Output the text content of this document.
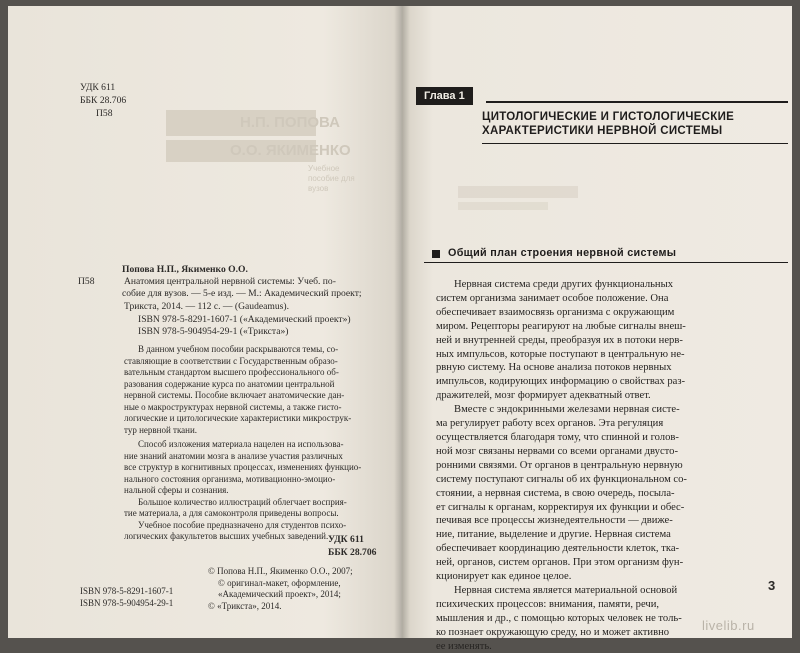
Н.П. ПОПОВА
О.О. ЯКИМЕНКО
Учебное пособие для вузов
УДК 611
ББК 28.706
П58
Попова Н.П., Якименко О.О.
П58	Анатомия центральной нервной системы: Учеб. по-
собие для вузов. — 5-е изд. — М.: Академический проект;
Трикста, 2014. — 112 с. — (Gaudeamus).
ISBN 978-5-8291-1607-1 («Академический проект»)
ISBN 978-5-904954-29-1 («Трикста»)
В данном учебном пособии раскрываются темы, со-
ставляющие в соответствии с Государственным образо-
вательным стандартом высшего профессионального об-
разования содержание курса по анатомии центральной
нервной системы. Пособие включает анатомические дан-
ные о макроструктурах нервной системы, а также гисто-
логические и цитологические характеристики микрострук-
тур нервной ткани.
Способ изложения материала нацелен на использова-
ние знаний анатомии мозга в анализе участия различных
все структур в когнитивных процессах, изменениях функцио-
нального состояния организма, мотивационно-эмоцио-
нальной сферы и сознания.
Большое количество иллюстраций облегчает восприя-
тие материала, а для самоконтроля приведены вопросы.
Учебное пособие предназначено для студентов психо-
логических факультетов высших учебных заведений. УДК 611
ББК 28.706
ISBN 978-5-8291-1607-1
ISBN 978-5-904954-29-1
© Попова Н.П., Якименко О.О., 2007;
© оригинал-макет, оформление,
«Академический проект», 2014;
© «Трикста», 2014.
Глава 1
ЦИТОЛОГИЧЕСКИЕ И ГИСТОЛОГИЧЕСКИЕ
ХАРАКТЕРИСТИКИ НЕРВНОЙ СИСТЕМЫ
Общий план строения нервной системы
Нервная система среди других функциональных
систем организма занимает особое положение. Она
обеспечивает взаимосвязь организма с окружающим
миром. Рецепторы реагируют на любые сигналы внеш-
ней и внутренней среды, преобразуя их в потоки нерв-
ных импульсов, которые поступают в центральную не-
рвную систему. На основе анализа потоков нервных
импульсов, кодирующих информацию о свойствах раз-
дражителей, мозг формирует адекватный ответ.
Вместе с эндокринными железами нервная систе-
ма регулирует работу всех органов. Эта регуляция
осуществляется благодаря тому, что спинной и голов-
ной мозг связаны нервами со всеми органами двусто-
ронними связями. От органов в центральную нервную
систему поступают сигналы об их функциональном со-
стоянии, а нервная система, в свою очередь, посыла-
ет сигналы к органам, корректируя их функции и обес-
печивая все процессы жизнедеятельности — движе-
ние, питание, выделение и другие. Нервная система
обеспечивает координацию деятельности клеток, тка-
ней, органов, систем органов. При этом организм фун-
кционирует как единое целое.
Нервная система является материальной основой
психических процессов: внимания, памяти, речи,
мышления и др., с помощью которых человек не толь-
ко познает окружающую среду, но и может активно
ее изменять.
3
livelib.ru
